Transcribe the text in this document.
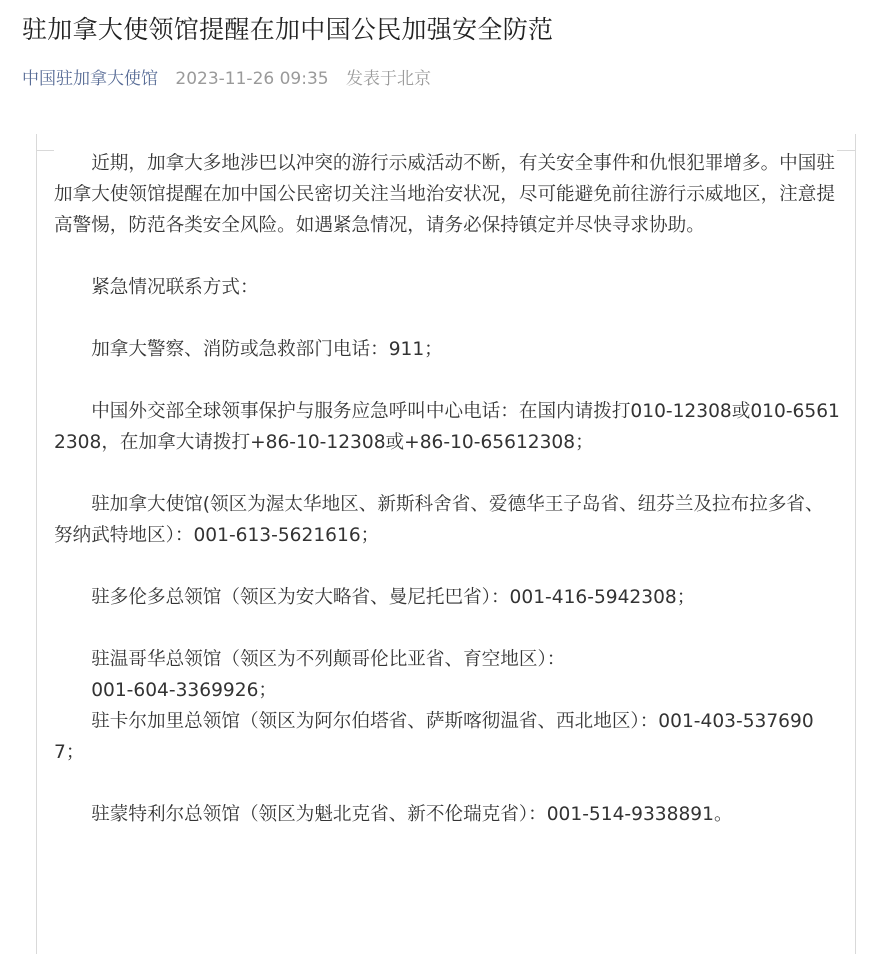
驻加拿大使领馆提醒在加中国公民加强安全防范
中国驻加拿大使馆 2023-11-26 09:35 发表于北京

近期，加拿大多地涉巴以冲突的游行示威活动不断，有关安全事件和仇恨犯罪增多。中国驻加拿大使领馆提醒在加中国公民密切关注当地治安状况，尽可能避免前往游行示威地区，注意提高警惕，防范各类安全风险。如遇紧急情况，请务必保持镇定并尽快寻求协助。

紧急情况联系方式：

加拿大警察、消防或急救部门电话：911；

中国外交部全球领事保护与服务应急呼叫中心电话：在国内请拨打010-12308或010-65612308，在加拿大请拨打+86-10-12308或+86-10-65612308；

驻加拿大使馆(领区为渥太华地区、新斯科舍省、爱德华王子岛省、纽芬兰及拉布拉多省、努纳武特地区）：001-613-5621616；

驻多伦多总领馆（领区为安大略省、曼尼托巴省）：001-416-5942308；

驻温哥华总领馆（领区为不列颠哥伦比亚省、育空地区）：

001-604-3369926；

驻卡尔加里总领馆（领区为阿尔伯塔省、萨斯喀彻温省、西北地区）：001-403-5376907；

驻蒙特利尔总领馆（领区为魁北克省、新不伦瑞克省）：001-514-9338891。
